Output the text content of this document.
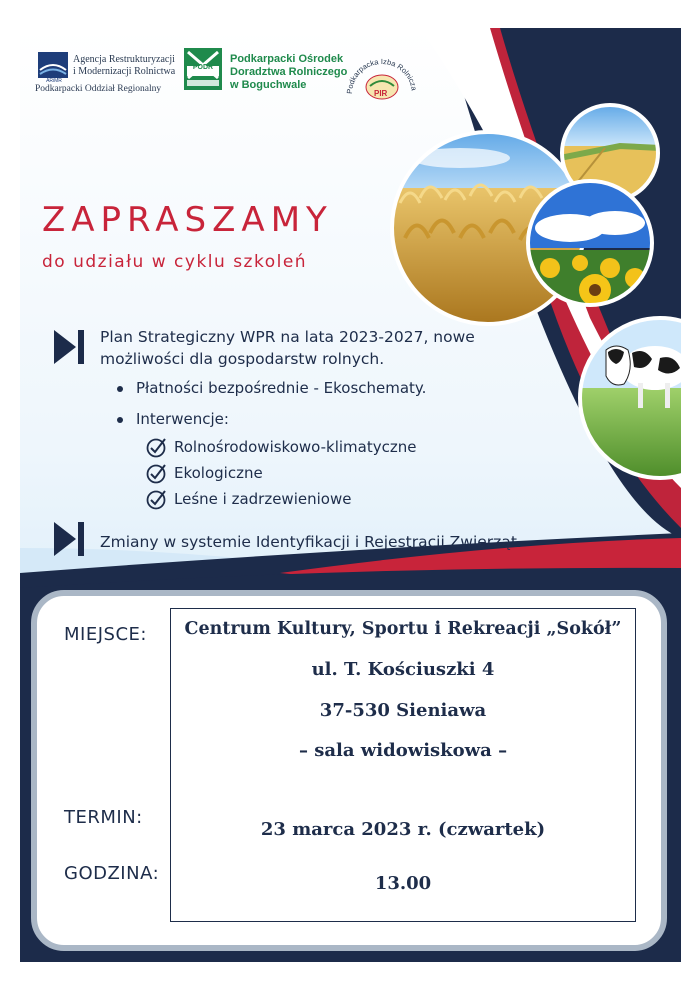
ARiMR
Agencja Restrukturyzacji
i Modernizacji Rolnictwa
Podkarpacki Oddział Regionalny
PODR
Podkarpacki Ośrodek
Doradztwa Rolniczego
w Boguchwale
Podkarpacka Izba Rolnicza
PIR
ZAPRASZAMY
do udziału w cyklu szkoleń
Plan Strategiczny WPR na lata 2023-2027, nowe
możliwości dla gospodarstw rolnych.
Płatności bezpośrednie - Ekoschematy.
Interwencje:
Rolnośrodowiskowo-klimatyczne
Ekologiczne
Leśne i zadrzewieniowe
Zmiany w systemie Identyfikacji i Rejestracji Zwierząt.
MIEJSCE:
TERMIN:
GODZINA:
Centrum Kultury, Sportu i Rekreacji „Sokół”
ul. T. Kościuszki 4
37-530 Sieniawa
– sala widowiskowa –
23 marca 2023 r. (czwartek)
13.00
